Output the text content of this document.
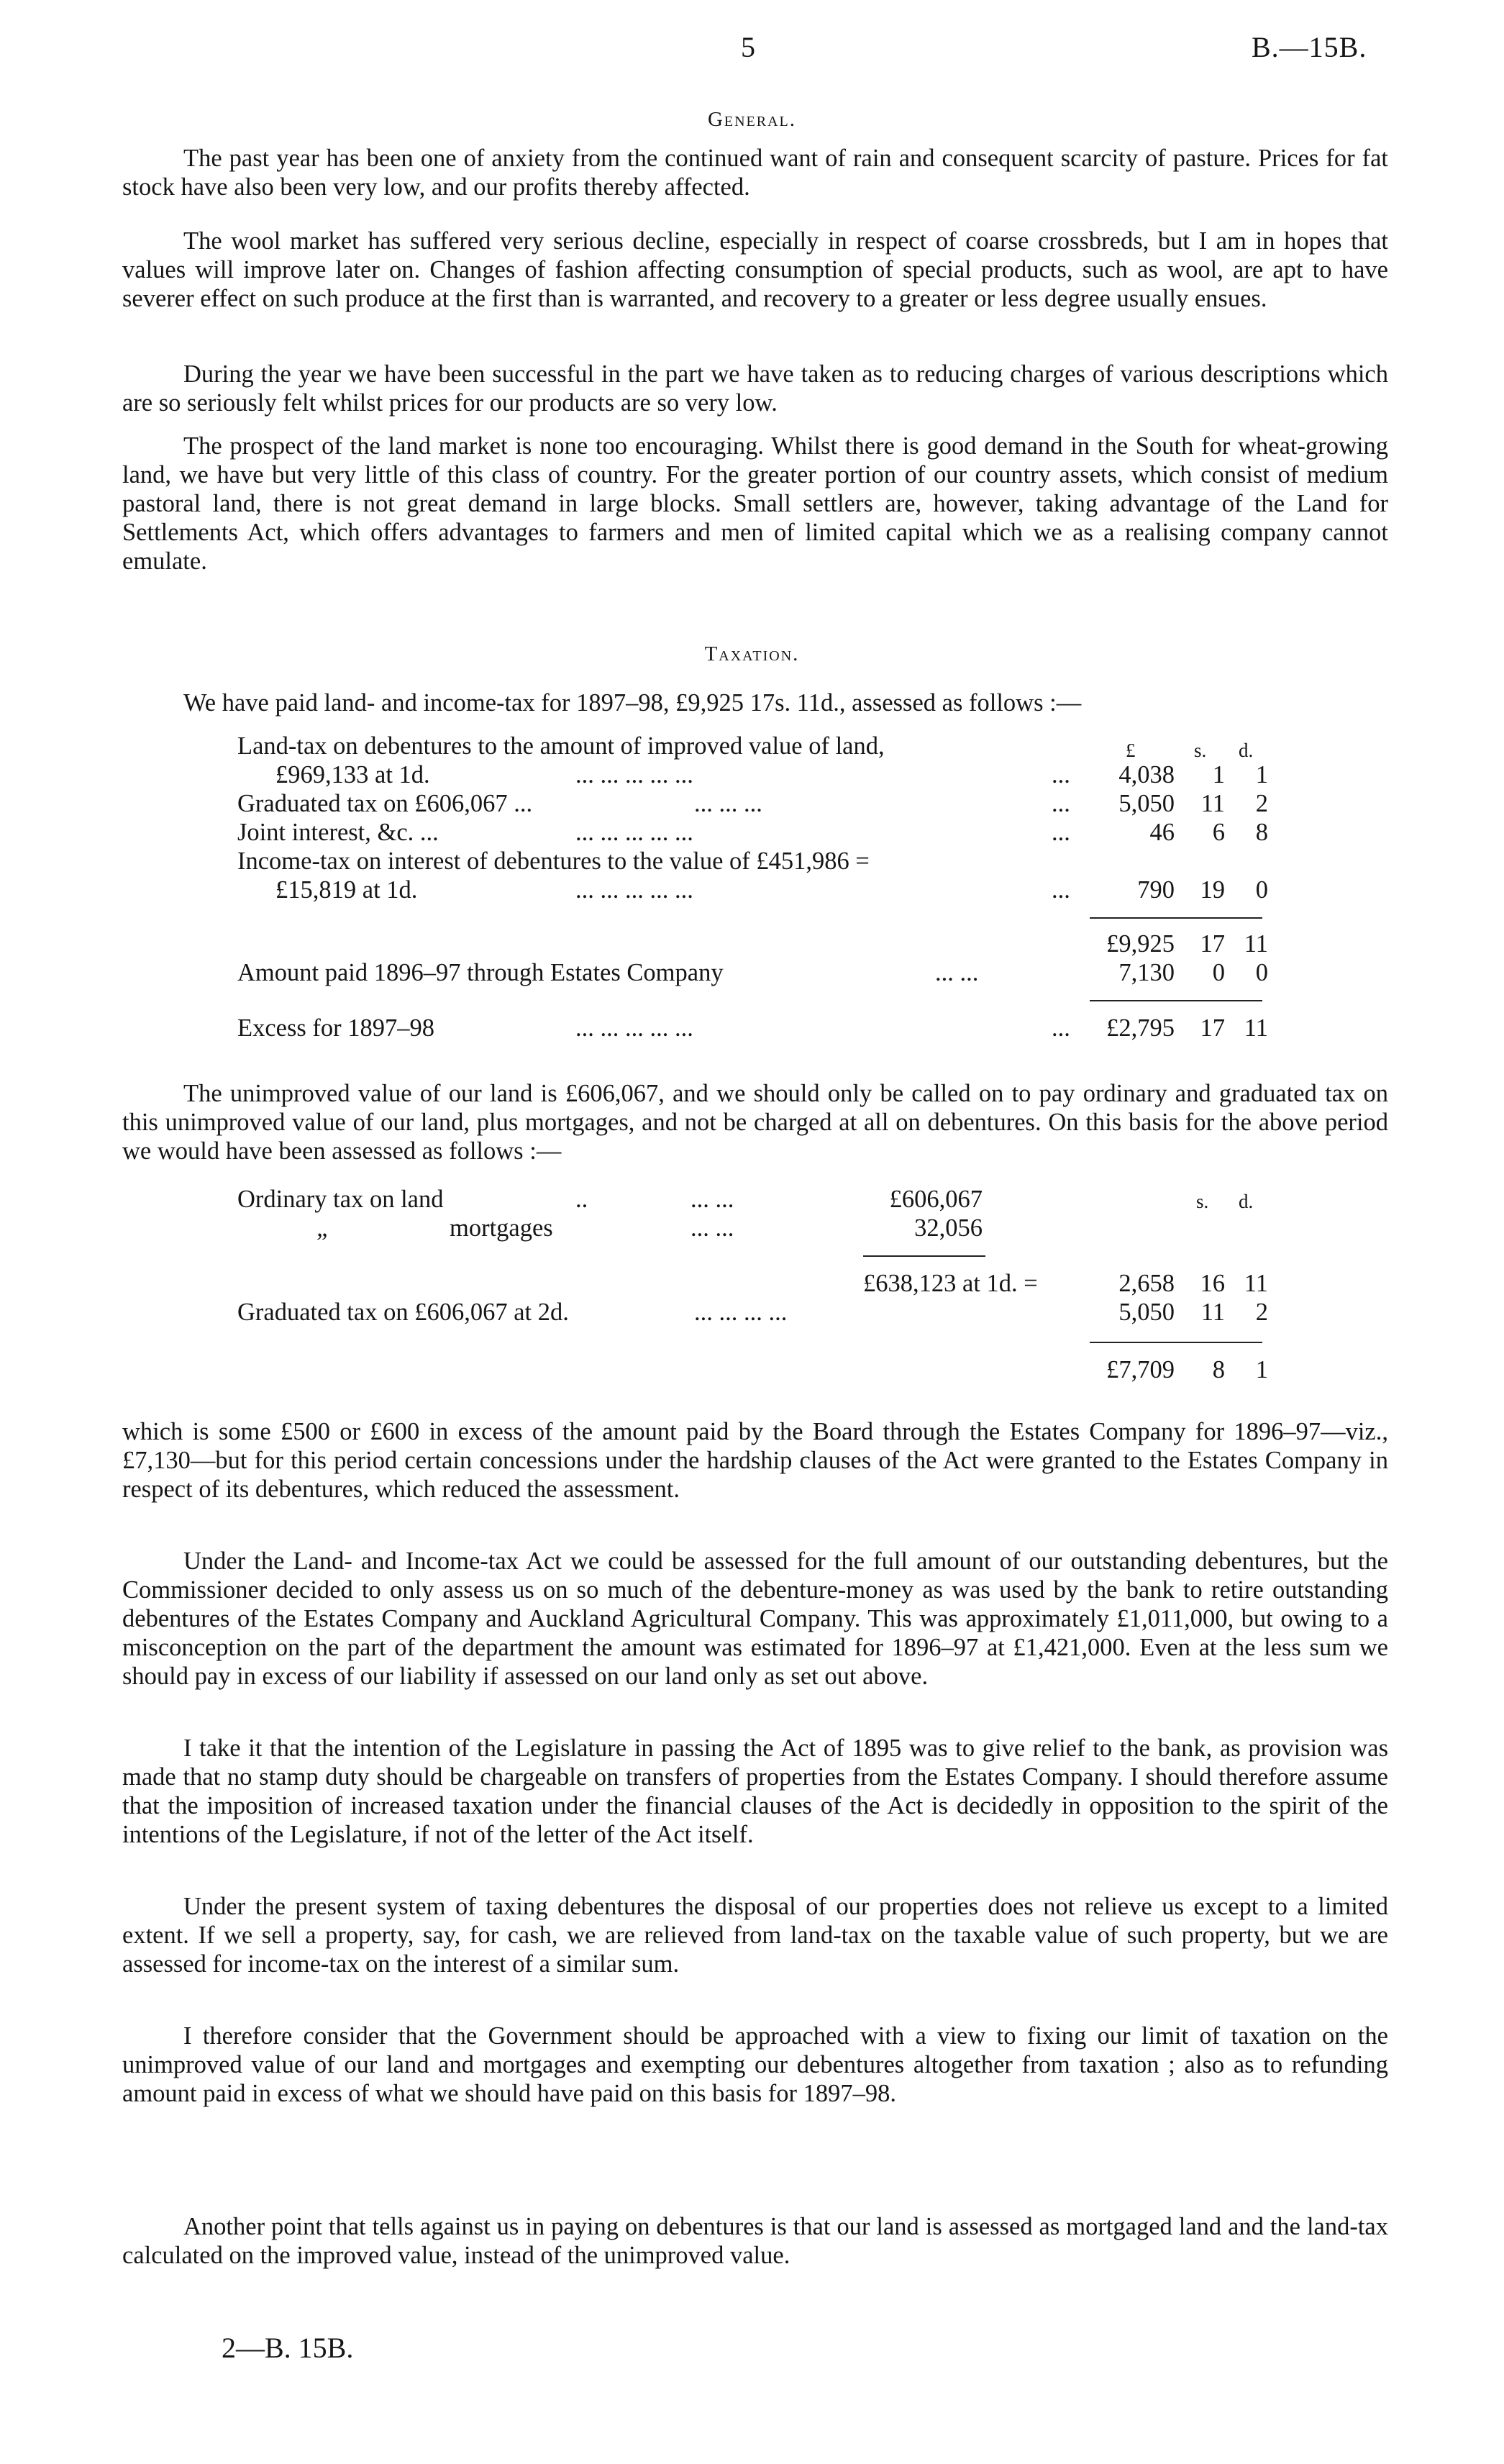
5	B.—15B.
General.

The past year has been one of anxiety from the continued want of rain and consequent scarcity of pasture. Prices for fat stock have also been very low, and our profits thereby affected.

The wool market has suffered very serious decline, especially in respect of coarse crossbreds, but I am in hopes that values will improve later on. Changes of fashion affecting consumption of special products, such as wool, are apt to have severer effect on such produce at the first than is warranted, and recovery to a greater or less degree usually ensues.

During the year we have been successful in the part we have taken as to reducing charges of various descriptions which are so seriously felt whilst prices for our products are so very low.

The prospect of the land market is none too encouraging. Whilst there is good demand in the South for wheat-growing land, we have but very little of this class of country. For the greater portion of our country assets, which consist of medium pastoral land, there is not great demand in large blocks. Small settlers are, however, taking advantage of the Land for Settlements Act, which offers advantages to farmers and men of limited capital which we as a realising company cannot emulate.

Taxation.
We have paid land- and income-tax for 1897–98, £9,925 17s. 11d., assessed as follows :—
£	s. d.
Land-tax on debentures to the amount of improved value of land,
£969,133 at 1d.	... ... ... ... ...	... 4,038 1 1
Graduated tax on £606,067 ...	... ... ...	... 5,050 11 2
Joint interest, &c. ...	... ... ... ... ...	...	46 6 8
Income-tax on interest of debentures to the value of £451,986 =
£15,819 at 1d.	... ... ... ... ...	...	790 19 0
£9,925 17 11
Amount paid 1896–97 through Estates Company	... ...	7,130 0 0
Excess for 1897–98	... ... ... ... ...	... £2,795 17 11

The unimproved value of our land is £606,067, and we should only be called on to pay ordinary and graduated tax on this unimproved value of our land, plus mortgages, and not be charged at all on debentures. On this basis for the above period we would have been assessed as follows :—

Ordinary tax on land	..	... ...	£606,067	s. d.
„	mortgages	... ...	32,056
£638,123 at 1d. =	2,658 16 11
Graduated tax on £606,067 at 2d.	... ... ... ...	5,050 11 2
£7,709 8 1

which is some £500 or £600 in excess of the amount paid by the Board through the Estates Company for 1896–97—viz., £7,130—but for this period certain concessions under the hardship clauses of the Act were granted to the Estates Company in respect of its debentures, which reduced the assessment.

Under the Land- and Income-tax Act we could be assessed for the full amount of our outstanding debentures, but the Commissioner decided to only assess us on so much of the debenture-money as was used by the bank to retire outstanding debentures of the Estates Company and Auckland Agricultural Company. This was approximately £1,011,000, but owing to a misconception on the part of the department the amount was estimated for 1896–97 at £1,421,000. Even at the less sum we should pay in excess of our liability if assessed on our land only as set out above.

I take it that the intention of the Legislature in passing the Act of 1895 was to give relief to the bank, as provision was made that no stamp duty should be chargeable on transfers of properties from the Estates Company. I should therefore assume that the imposition of increased taxation under the financial clauses of the Act is decidedly in opposition to the spirit of the intentions of the Legislature, if not of the letter of the Act itself.

Under the present system of taxing debentures the disposal of our properties does not relieve us except to a limited extent. If we sell a property, say, for cash, we are relieved from land-tax on the taxable value of such property, but we are assessed for income-tax on the interest of a similar sum.

I therefore consider that the Government should be approached with a view to fixing our limit of taxation on the unimproved value of our land and mortgages and exempting our debentures altogether from taxation ; also as to refunding amount paid in excess of what we should have paid on this basis for 1897–98.

Another point that tells against us in paying on debentures is that our land is assessed as mortgaged land and the land-tax calculated on the improved value, instead of the unimproved value.

2—B. 15B.
